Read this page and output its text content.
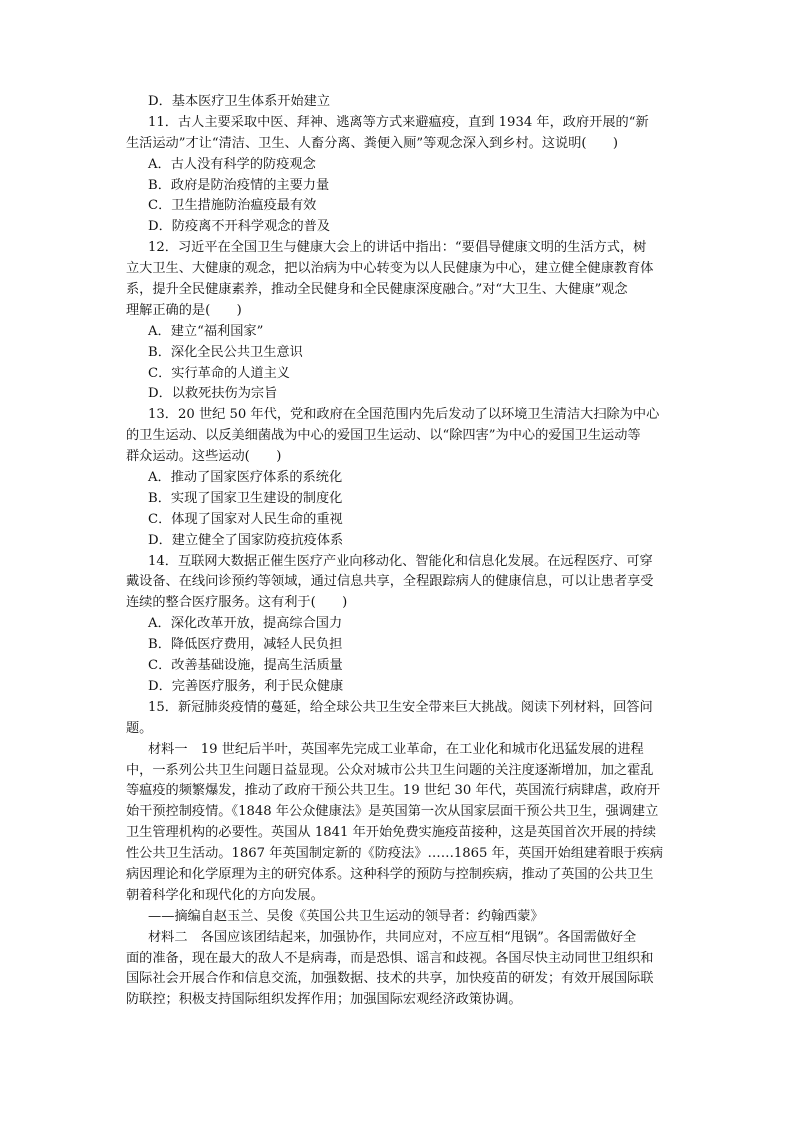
D．基本医疗卫生体系开始建立
11．古人主要采取中医、拜神、逃离等方式来避瘟疫，直到 1934 年，政府开展的“新
生活运动”才让“清洁、卫生、人畜分离、粪便入厕”等观念深入到乡村。这说明(　　)
A．古人没有科学的防疫观念
B．政府是防治疫情的主要力量
C．卫生措施防治瘟疫最有效
D．防疫离不开科学观念的普及
12．习近平在全国卫生与健康大会上的讲话中指出：“要倡导健康文明的生活方式，树
立大卫生、大健康的观念，把以治病为中心转变为以人民健康为中心，建立健全健康教育体
系，提升全民健康素养，推动全民健身和全民健康深度融合。”对“大卫生、大健康”观念
理解正确的是(　　)
A．建立“福利国家”
B．深化全民公共卫生意识
C．实行革命的人道主义
D．以救死扶伤为宗旨
13．20 世纪 50 年代，党和政府在全国范围内先后发动了以环境卫生清洁大扫除为中心
的卫生运动、以反美细菌战为中心的爱国卫生运动、以“除四害”为中心的爱国卫生运动等
群众运动。这些运动(　　)
A．推动了国家医疗体系的系统化
B．实现了国家卫生建设的制度化
C．体现了国家对人民生命的重视
D．建立健全了国家防疫抗疫体系
14．互联网大数据正催生医疗产业向移动化、智能化和信息化发展。在远程医疗、可穿
戴设备、在线问诊预约等领域，通过信息共享，全程跟踪病人的健康信息，可以让患者享受
连续的整合医疗服务。这有利于(　　)
A．深化改革开放，提高综合国力
B．降低医疗费用，减轻人民负担
C．改善基础设施，提高生活质量
D．完善医疗服务，利于民众健康
15．新冠肺炎疫情的蔓延，给全球公共卫生安全带来巨大挑战。阅读下列材料，回答问
题。
材料一　19 世纪后半叶，英国率先完成工业革命，在工业化和城市化迅猛发展的进程
中，一系列公共卫生问题日益显现。公众对城市公共卫生问题的关注度逐渐增加，加之霍乱
等瘟疫的频繁爆发，推动了政府干预公共卫生。19 世纪 30 年代，英国流行病肆虐，政府开
始干预控制疫情。《1848 年公众健康法》是英国第一次从国家层面干预公共卫生，强调建立
卫生管理机构的必要性。英国从 1841 年开始免费实施疫苗接种，这是英国首次开展的持续
性公共卫生活动。1867 年英国制定新的《防疫法》……1865 年，英国开始组建着眼于疾病
病因理论和化学原理为主的研究体系。这种科学的预防与控制疾病，推动了英国的公共卫生
朝着科学化和现代化的方向发展。
——摘编自赵玉兰、吴俊《英国公共卫生运动的领导者：约翰西蒙》
材料二　各国应该团结起来，加强协作，共同应对，不应互相“甩锅”。各国需做好全
面的准备，现在最大的敌人不是病毒，而是恐惧、谣言和歧视。各国尽快主动同世卫组织和
国际社会开展合作和信息交流，加强数据、技术的共享，加快疫苗的研发；有效开展国际联
防联控；积极支持国际组织发挥作用；加强国际宏观经济政策协调。
